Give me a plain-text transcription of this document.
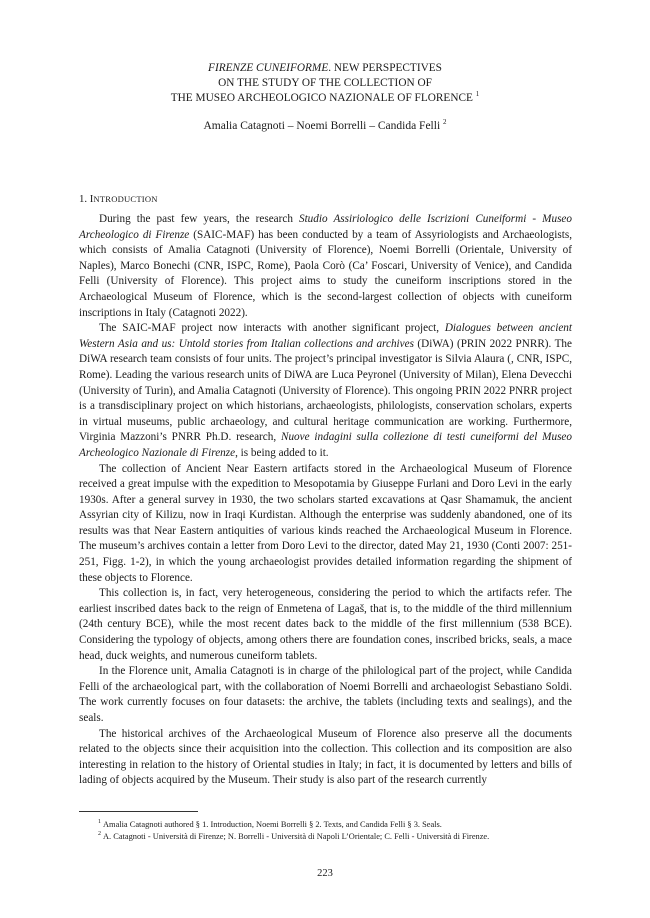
FIRENZE CUNEIFORME. NEW PERSPECTIVES
ON THE STUDY OF THE COLLECTION OF
THE MUSEO ARCHEOLOGICO NAZIONALE OF FLORENCE $^1$
Amalia Catagnoti – Noemi Borrelli – Candida Felli $^2$
1. INTRODUCTION

During the past few years, the research Studio Assiriologico delle Iscrizioni Cuneiformi - Museo Archeologico di Firenze (SAIC-MAF) has been conducted by a team of Assyriologists and Archaeologists, which consists of Amalia Catagnoti (University of Florence), Noemi Borrelli (Orientale, University of Naples), Marco Bonechi (CNR, ISPC, Rome), Paola Corò (Ca’ Foscari, University of Venice), and Candida Felli (University of Florence). This project aims to study the cuneiform inscriptions stored in the Archaeological Museum of Florence, which is the second-largest collection of objects with cuneiform inscriptions in Italy (Catagnoti 2022).

The SAIC-MAF project now interacts with another significant project, Dialogues between ancient Western Asia and us: Untold stories from Italian collections and archives (DiWA) (PRIN 2022 PNRR). The DiWA research team consists of four units. The project’s principal investigator is Silvia Alaura (, CNR, ISPC, Rome). Leading the various research units of DiWA are Luca Peyronel (University of Milan), Elena Devecchi (University of Turin), and Amalia Catagnoti (University of Florence). This ongoing PRIN 2022 PNRR project is a transdisciplinary project on which historians, archaeologists, philologists, conservation scholars, experts in virtual museums, public archaeology, and cultural heritage communication are working. Furthermore, Virginia Mazzoni’s PNRR Ph.D. research, Nuove indagini sulla collezione di testi cuneiformi del Museo Archeologico Nazionale di Firenze, is being added to it.

The collection of Ancient Near Eastern artifacts stored in the Archaeological Museum of Florence received a great impulse with the expedition to Mesopotamia by Giuseppe Furlani and Doro Levi in the early 1930s. After a general survey in 1930, the two scholars started excavations at Qasr Shamamuk, the ancient Assyrian city of Kilizu, now in Iraqi Kurdistan. Although the enterprise was suddenly abandoned, one of its results was that Near Eastern antiquities of various kinds reached the Archaeological Museum in Florence. The museum’s archives contain a letter from Doro Levi to the director, dated May 21, 1930 (Conti 2007: 251-251, Figg. 1-2), in which the young archaeologist provides detailed information regarding the shipment of these objects to Florence.

This collection is, in fact, very heterogeneous, considering the period to which the artifacts refer. The earliest inscribed dates back to the reign of Enmetena of Lagaš, that is, to the middle of the third millennium (24th century BCE), while the most recent dates back to the middle of the first millennium (538 BCE). Considering the typology of objects, among others there are foundation cones, inscribed bricks, seals, a mace head, duck weights, and numerous cuneiform tablets.

In the Florence unit, Amalia Catagnoti is in charge of the philological part of the project, while Candida Felli of the archaeological part, with the collaboration of Noemi Borrelli and archaeologist Sebastiano Soldi. The work currently focuses on four datasets: the archive, the tablets (including texts and sealings), and the seals.

The historical archives of the Archaeological Museum of Florence also preserve all the documents related to the objects since their acquisition into the collection. This collection and its composition are also interesting in relation to the history of Oriental studies in Italy; in fact, it is documented by letters and bills of lading of objects acquired by the Museum. Their study is also part of the research currently

$^1$ Amalia Catagnoti authored § 1. Introduction, Noemi Borrelli § 2. Texts, and Candida Felli § 3. Seals.
$^2$ A. Catagnoti - Università di Firenze; N. Borrelli - Università di Napoli L’Orientale; C. Felli - Università di Firenze.
223
